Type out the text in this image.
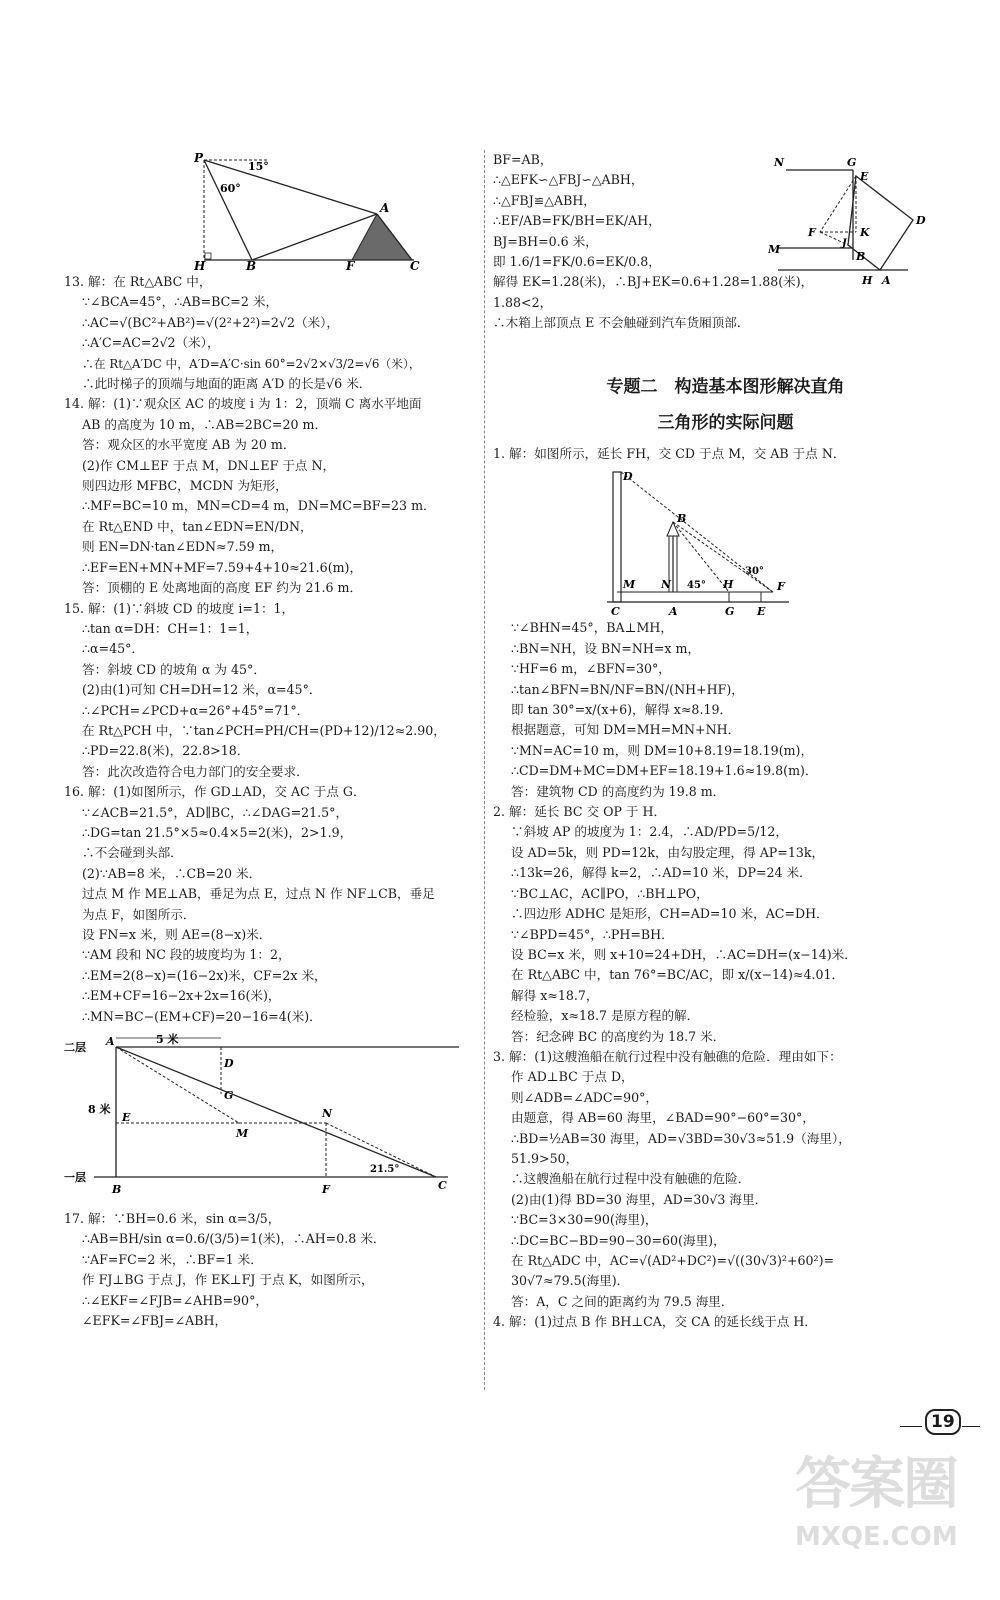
P
15°
60°
A
H	B	F	C
13. 解：在 Rt△ABC 中，
∵∠BCA=45°，∴AB=BC=2 米，
∴AC=√(BC²+AB²)=√(2²+2²)=2√2（米），
∴A′C=AC=2√2（米），
∴在 Rt△A′DC 中，A′D=A′C·sin 60°=2√2×√3/2=√6（米），
∴此时梯子的顶端与地面的距离 A′D 的长是√6 米．
14. 解：(1)∵观众区 AC 的坡度 i 为 1：2，顶端 C 离水平地面
AB 的高度为 10 m，∴AB=2BC=20 m．
答：观众区的水平宽度 AB 为 20 m．
(2)作 CM⊥EF 于点 M，DN⊥EF 于点 N，
则四边形 MFBC，MCDN 为矩形，
∴MF=BC=10 m，MN=CD=4 m，DN=MC=BF=23 m．
在 Rt△END 中，tan∠EDN=EN/DN，
则 EN=DN·tan∠EDN≈7.59 m，
∴EF=EN+MN+MF=7.59+4+10≈21.6(m)，
答：顶棚的 E 处离地面的高度 EF 约为 21.6 m．
15. 解：(1)∵斜坡 CD 的坡度 i=1：1，
∴tan α=DH：CH=1：1=1，
∴α=45°．
答：斜坡 CD 的坡角 α 为 45°．
(2)由(1)可知 CH=DH=12 米，α=45°．
∴∠PCH=∠PCD+α=26°+45°=71°．
在 Rt△PCH 中，∵tan∠PCH=PH/CH=(PD+12)/12≈2.90，
∴PD=22.8(米)，22.8>18．
答：此次改造符合电力部门的安全要求．
16. 解：(1)如图所示，作 GD⊥AD，交 AC 于点 G．
∵∠ACB=21.5°，AD∥BC，∴∠DAG=21.5°，
∴DG=tan 21.5°×5≈0.4×5=2(米)，2>1.9，
∴不会碰到头部．
(2)∵AB=8 米，∴CB=20 米．
过点 M 作 ME⊥AB，垂足为点 E，过点 N 作 NF⊥CB，垂足
为点 F，如图所示．
设 FN=x 米，则 AE=(8−x)米．
∵AM 段和 NC 段的坡度均为 1：2，
∴EM=2(8−x)=(16−2x)米，CF=2x 米，
∴EM+CF=16−2x+2x=16(米)，
∴MN=BC−(EM+CF)=20−16=4(米)．
二层
一层
8 米
5 米
A
D
G
E
M
N
B	F	C
21.5°
17. 解：∵BH=0.6 米，sin α=3/5，
∴AB=BH/sin α=0.6/(3/5)=1(米)，∴AH=0.8 米．
∵AF=FC=2 米，∴BF=1 米．
作 FJ⊥BG 于点 J，作 EK⊥FJ 于点 K，如图所示，
∴∠EKF=∠FJB=∠AHB=90°，
∠EFK=∠FBJ=∠ABH，
BF=AB，
∴△EFK∽△FBJ∽△ABH，
∴△FBJ≌△ABH，
∴EF/AB=FK/BH=EK/AH，
BJ=BH=0.6 米，
即 1.6/1=FK/0.6=EK/0.8，
解得 EK=1.28(米)，∴BJ+EK=0.6+1.28=1.88(米)，
1.88<2，
∴木箱上部顶点 E 不会触碰到汽车货厢顶部．
N	G
E
D
F	K
J
M
B
H A
专题二　构造基本图形解决直角
三角形的实际问题
1. 解：如图所示，延长 FH，交 CD 于点 M，交 AB 于点 N．
D
B
M N 45° H
30°
F
C	A	G E
∵∠BHN=45°，BA⊥MH，
∴BN=NH，设 BN=NH=x m，
∵HF=6 m，∠BFN=30°，
∴tan∠BFN=BN/NF=BN/(NH+HF)，
即 tan 30°=x/(x+6)，解得 x≈8.19．
根据题意，可知 DM=MH=MN+NH．
∵MN=AC=10 m，则 DM=10+8.19=18.19(m)，
∴CD=DM+MC=DM+EF=18.19+1.6≈19.8(m)．
答：建筑物 CD 的高度约为 19.8 m．
2. 解：延长 BC 交 OP 于 H．
∵斜坡 AP 的坡度为 1：2.4，∴AD/PD=5/12，
设 AD=5k，则 PD=12k，由勾股定理，得 AP=13k，
∴13k=26，解得 k=2，∴AD=10 米，DP=24 米．
∵BC⊥AC，AC∥PO，∴BH⊥PO，
∴四边形 ADHC 是矩形，CH=AD=10 米，AC=DH．
∵∠BPD=45°，∴PH=BH．
设 BC=x 米，则 x+10=24+DH，∴AC=DH=(x−14)米．
在 Rt△ABC 中，tan 76°=BC/AC，即 x/(x−14)≈4.01．
解得 x≈18.7，
经检验，x≈18.7 是原方程的解．
答：纪念碑 BC 的高度约为 18.7 米．
3. 解：(1)这艘渔船在航行过程中没有触礁的危险．理由如下：
作 AD⊥BC 于点 D，
则∠ADB=∠ADC=90°，
由题意，得 AB=60 海里，∠BAD=90°−60°=30°，
∴BD=½AB=30 海里，AD=√3BD=30√3≈51.9（海里），
51.9>50，
∴这艘渔船在航行过程中没有触礁的危险．
(2)由(1)得 BD=30 海里，AD=30√3 海里．
∵BC=3×30=90(海里)，
∴DC=BC−BD=90−30=60(海里)，
在 Rt△ADC 中，AC=√(AD²+DC²)=√((30√3)²+60²)=
30√7≈79.5(海里)．
答：A，C 之间的距离约为 79.5 海里．
4. 解：(1)过点 B 作 BH⊥CA，交 CA 的延长线于点 H．
19
答案圈
MXQE.COM
